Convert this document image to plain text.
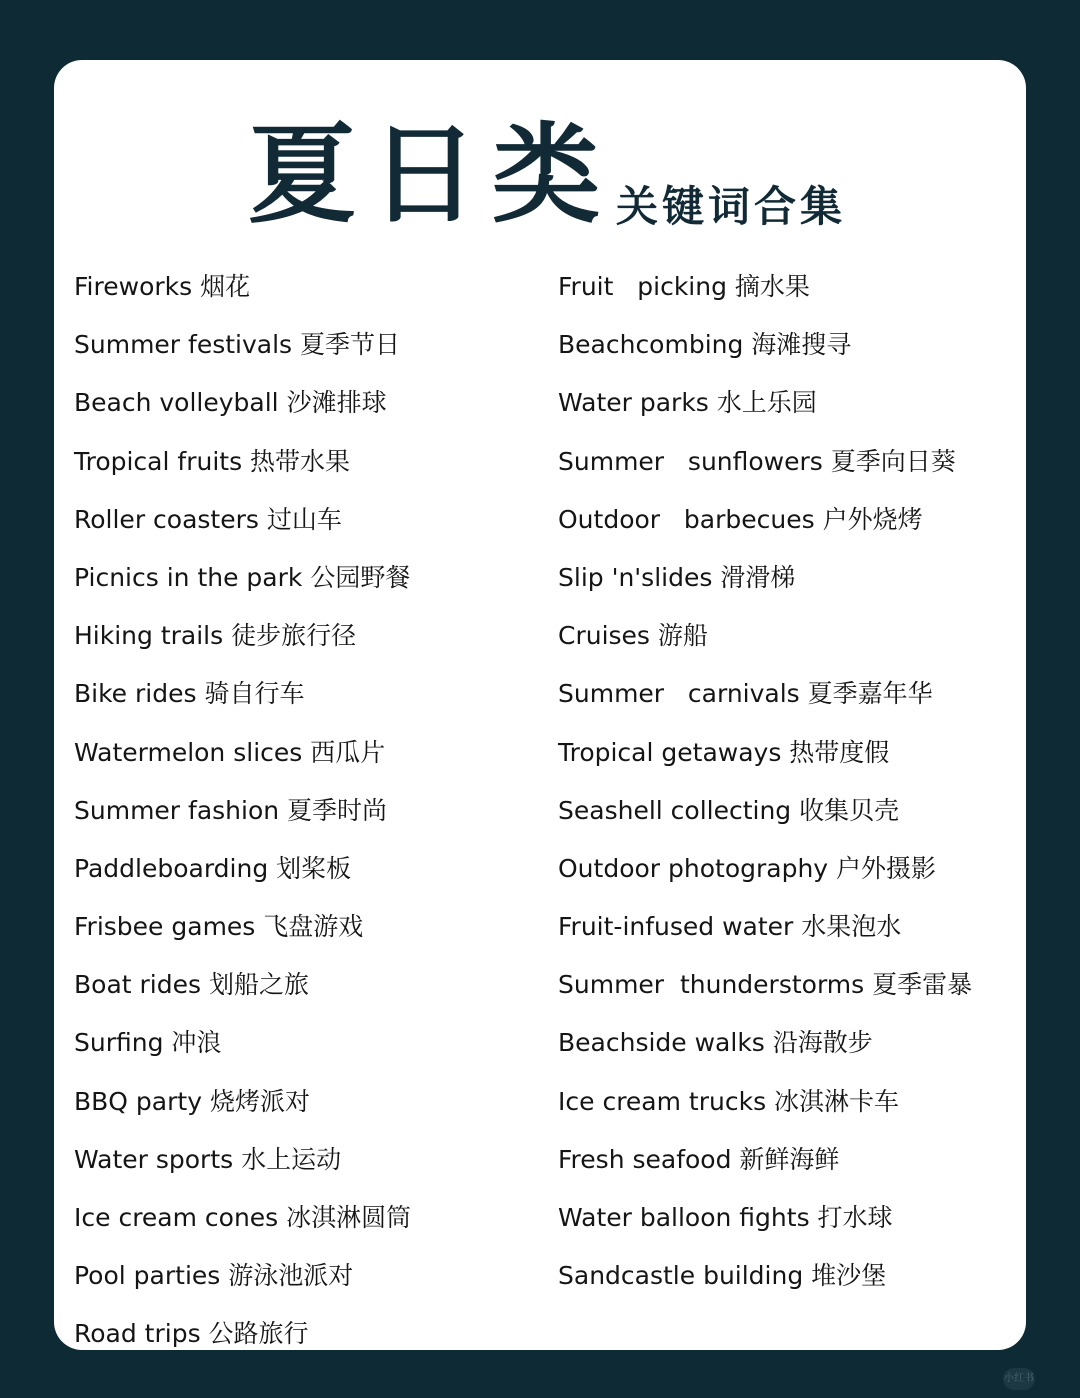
夏日类 关键词合集
Fireworks 烟花
Summer festivals 夏季节日
Beach volleyball 沙滩排球
Tropical fruits 热带水果
Roller coasters 过山车
Picnics in the park 公园野餐
Hiking trails 徒步旅行径
Bike rides 骑自行车
Watermelon slices 西瓜片
Summer fashion 夏季时尚
Paddleboarding 划桨板
Frisbee games 飞盘游戏
Boat rides 划船之旅
Surfing 冲浪
BBQ party 烧烤派对
Water sports 水上运动
Ice cream cones 冰淇淋圆筒
Pool parties 游泳池派对
Road trips 公路旅行
Fruit   picking 摘水果
Beachcombing 海滩搜寻
Water parks 水上乐园
Summer   sunflowers 夏季向日葵
Outdoor   barbecues 户外烧烤
Slip 'n'slides 滑滑梯
Cruises 游船
Summer   carnivals 夏季嘉年华
Tropical getaways 热带度假
Seashell collecting 收集贝壳
Outdoor photography 户外摄影
Fruit-infused water 水果泡水
Summer  thunderstorms 夏季雷暴
Beachside walks 沿海散步
Ice cream trucks 冰淇淋卡车
Fresh seafood 新鲜海鲜
Water balloon fights 打水球
Sandcastle building 堆沙堡
小红书
